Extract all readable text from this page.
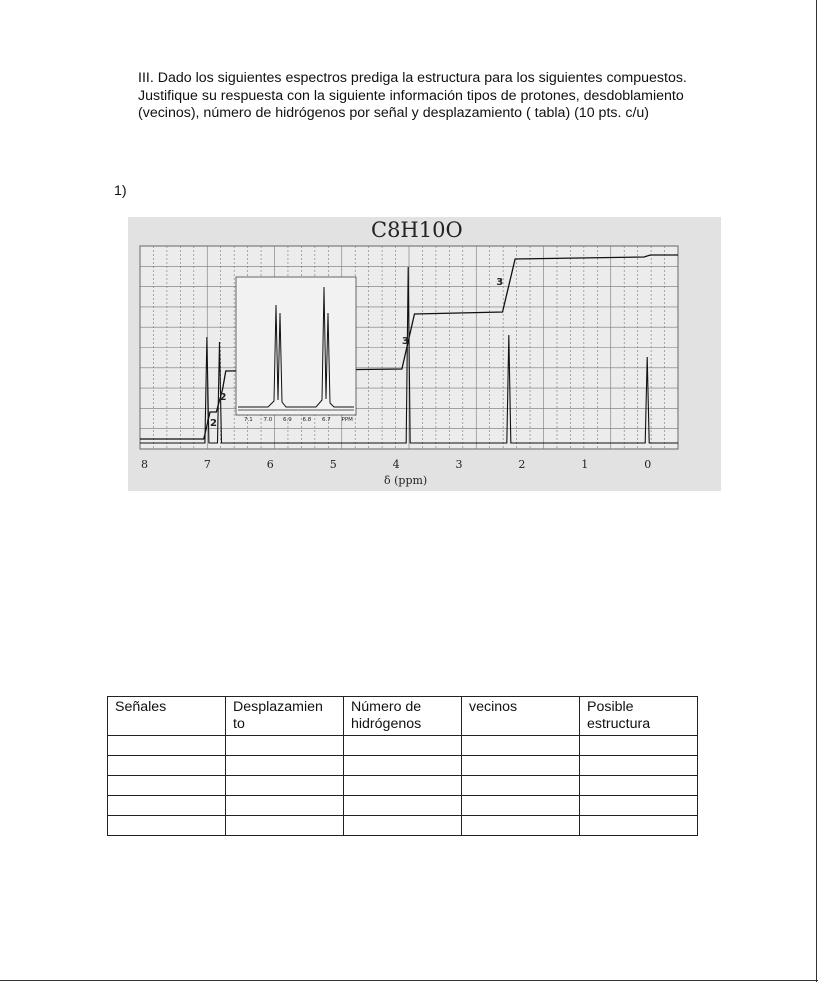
III. Dado los siguientes espectros prediga la estructura para los siguientes compuestos. Justifique su respuesta con la siguiente información tipos de protones, desdoblamiento (vecinos), número de hidrógenos por señal y desplazamiento ( tabla) (10 pts. c/u)

1)

C8H10O
8	7	6	5	4	3	2	1	0
δ (ppm)
2
2
3
3
7.1 7.0 6.9 6.8 6.7 PPM
Señales	Desplazamien to	Número de hidrógenos	vecinos	Posible estructura
